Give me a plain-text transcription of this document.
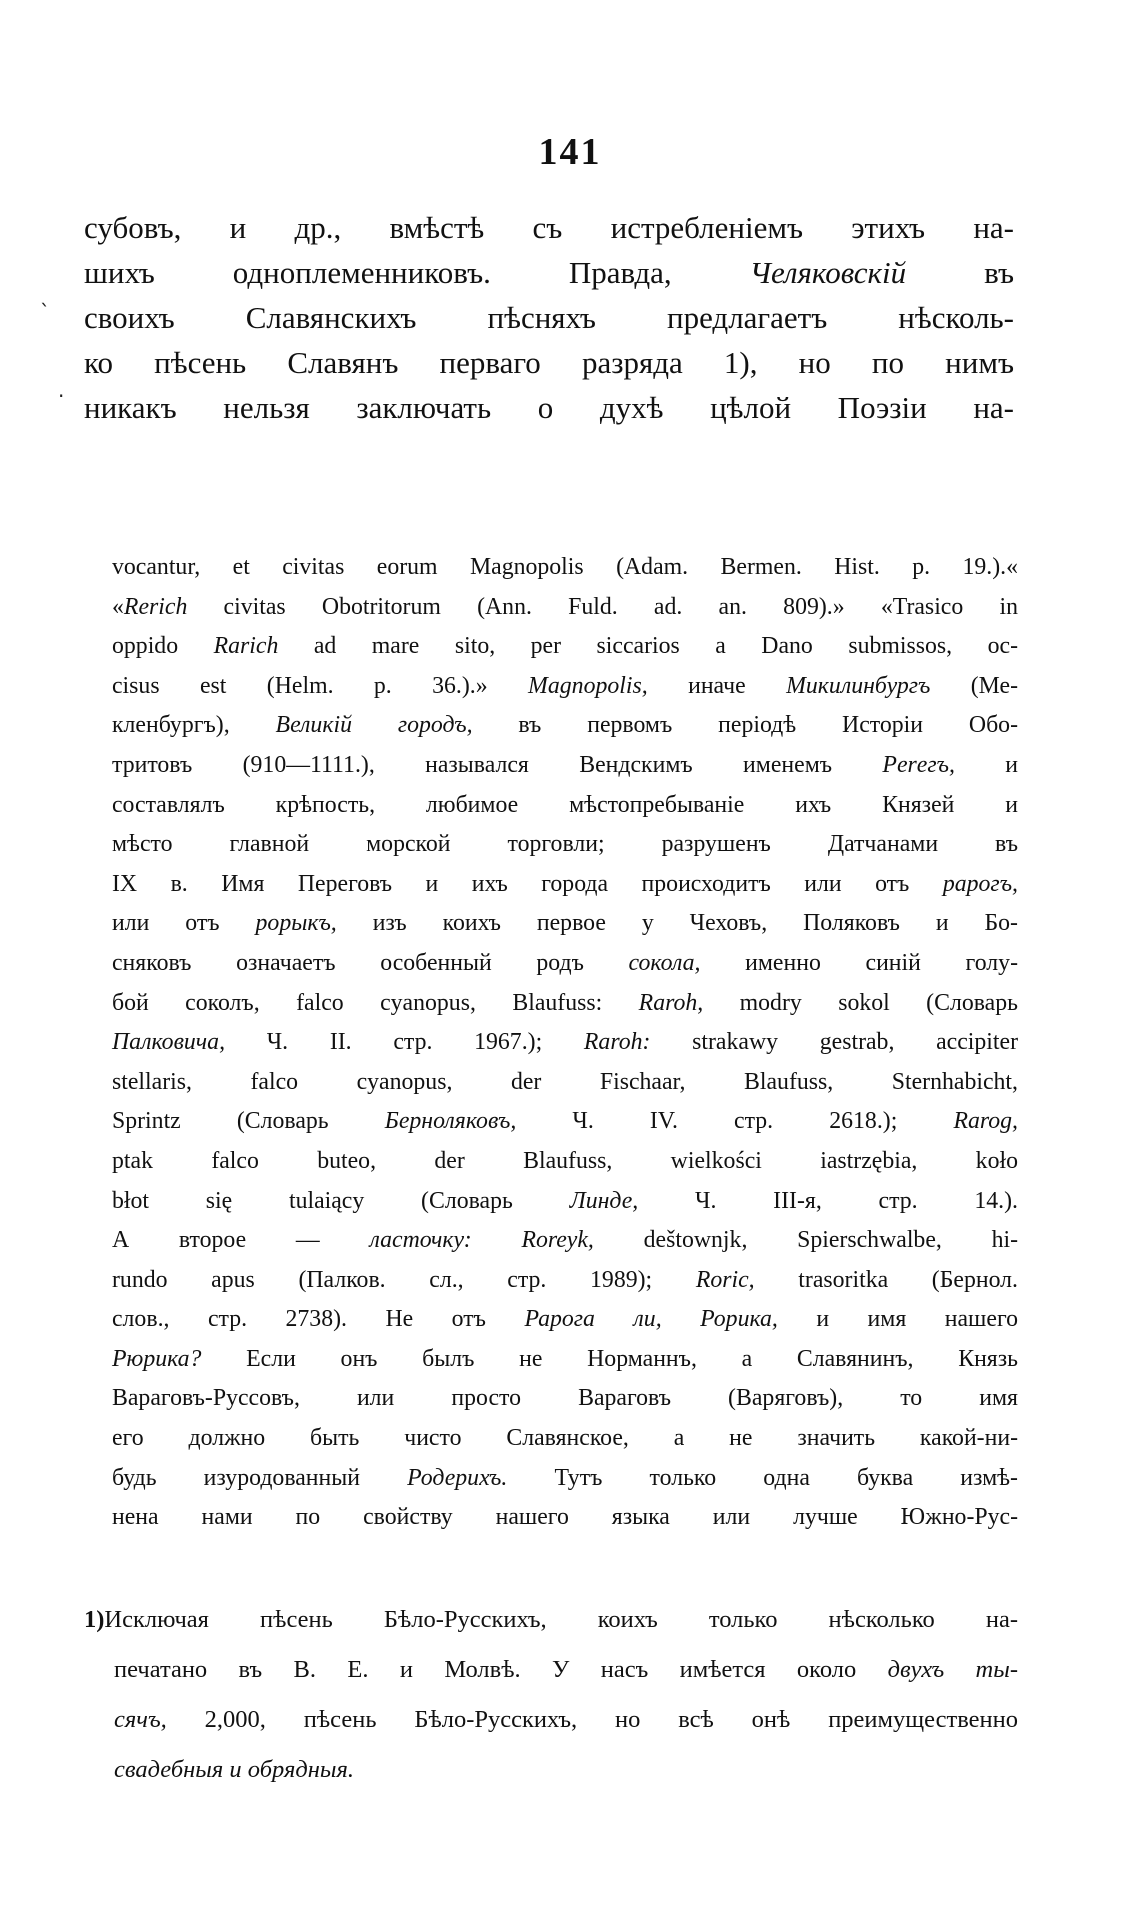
141
ˋ
.
субовъ, и др., вмѣстѣ съ истребленіемъ этихъ на-
шихъ одноплеменниковъ. Правда,	Челяковскій	въ
своихъ Славянскихъ пѣсняхъ предлагаетъ нѣсколь-
ко пѣсень Славянъ перваго разряда 1), но по нимъ
никакъ нельзя заключать о духѣ цѣлой Поэзіи на-
vocantur, et civitas eorum Magnopolis (Adam. Bermen. Hist. p. 19.).«
«Rerich civitas Obotritorum (Ann. Fuld. ad. an. 809).» «Trasico in
oppido Rarich ad mare sito, per siccarios a Dano submissos, oc-
cisus est (Helm. p. 36.).» Magnopolis, иначе Микилинбургъ (Ме-
кленбургъ), Великій городъ, въ первомъ періодѣ Исторіи Обо-
тритовъ (910—1111.), назывался Вендскимъ именемъ Perегъ, и
составлялъ крѣпость, любимое мѣстопребываніе ихъ Князей и
мѣсто главной морской торговли; разрушенъ Датчанами въ
IX в. Имя Переговъ и ихъ города происходитъ или отъ рарогъ,
или отъ popыкъ, изъ коихъ первое у Чеховъ, Поляковъ и Бо-
сняковъ означаетъ особенный родъ сокола, именно синій голу-
бой соколъ, falco cyanopus, Blaufuss: Raroh, modry sokol (Словарь
Палковича, Ч. II. стр. 1967.); Raroh: strakawy gestrab, accipiter
stellaris, falco cyanopus, der Fischaar, Blaufuss, Sternhabicht,
Sprintz (Словарь Берноляковъ, Ч. IV. стр. 2618.); Rarog,
ptak falco buteo, der Blaufuss, wielkości iastrzębia, koło
błot się tulaiący (Словарь Линде, Ч. III-я, стр. 14.).
А второе — ласточку: Roreyk, deštownjk, Spierschwalbe, hi-
rundo apus (Палков. сл., стр. 1989); Roric, trasoritka (Бернол.
слов., стр. 2738). Не отъ Рарога ли, Рорика, и имя нашего
Рюрика? Если онъ былъ не Норманнъ, а Славянинъ, Князь
Вараговъ-Руссовъ, или просто Вараговъ (Варяговъ), то имя
его должно быть чисто Славянское, а не значить какой-ни-
будь изуродованный Родерихъ. Тутъ только одна буква измѣ-
нена нами по свойству нашего языка или лучше Южно-Рус-
1)Исключая пѣсень Бѣло-Русскихъ, коихъ только нѣсколько на-
печатано въ В. Е. и Молвѣ. У насъ имѣется около двухъ ты-
сячъ, 2,000, пѣсень Бѣло-Русскихъ, но всѣ онѣ преимущественно
свадебныя и обрядныя.
